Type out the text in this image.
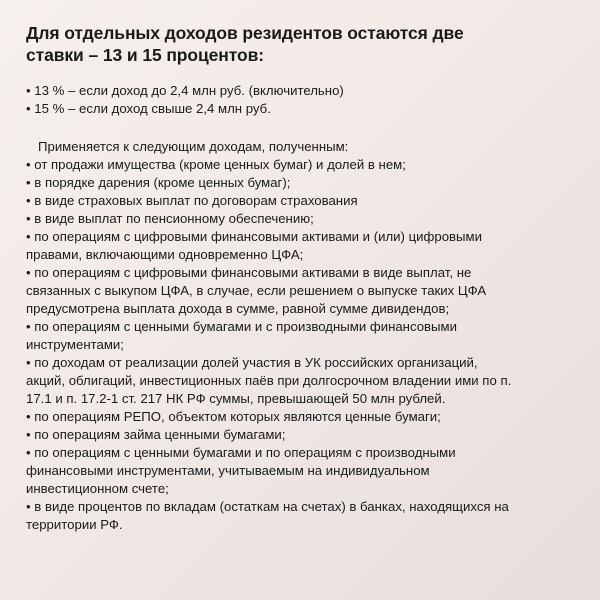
Для отдельных доходов резидентов остаются две
ставки – 13 и 15 процентов:
• 13 % – если доход до 2,4 млн руб. (включительно)
• 15 % – если доход свыше 2,4 млн руб.

Применяется к следующим доходам, полученным:

• от продажи имущества (кроме ценных бумаг) и долей в нем;
• в порядке дарения (кроме ценных бумаг);
• в виде страховых выплат по договорам страхования
• в виде выплат по пенсионному обеспечению;
• по операциям с цифровыми финансовыми активами и (или) цифровыми
правами, включающими одновременно ЦФА;
• по операциям с цифровыми финансовыми активами в виде выплат, не
связанных с выкупом ЦФА, в случае, если решением о выпуске таких ЦФА
предусмотрена выплата дохода в сумме, равной сумме дивидендов;
• по операциям с ценными бумагами и с производными финансовыми
инструментами;
• по доходам от реализации долей участия в УК российских организаций,
акций, облигаций, инвестиционных паёв при долгосрочном владении ими по п.
17.1 и п. 17.2-1 ст. 217 НК РФ суммы, превышающей 50 млн рублей.
• по операциям РЕПО, объектом которых являются ценные бумаги;
• по операциям займа ценными бумагами;
• по операциям с ценными бумагами и по операциям с производными
финансовыми инструментами, учитываемым на индивидуальном
инвестиционном счете;
• в виде процентов по вкладам (остаткам на счетах) в банках, находящихся на
территории РФ.
